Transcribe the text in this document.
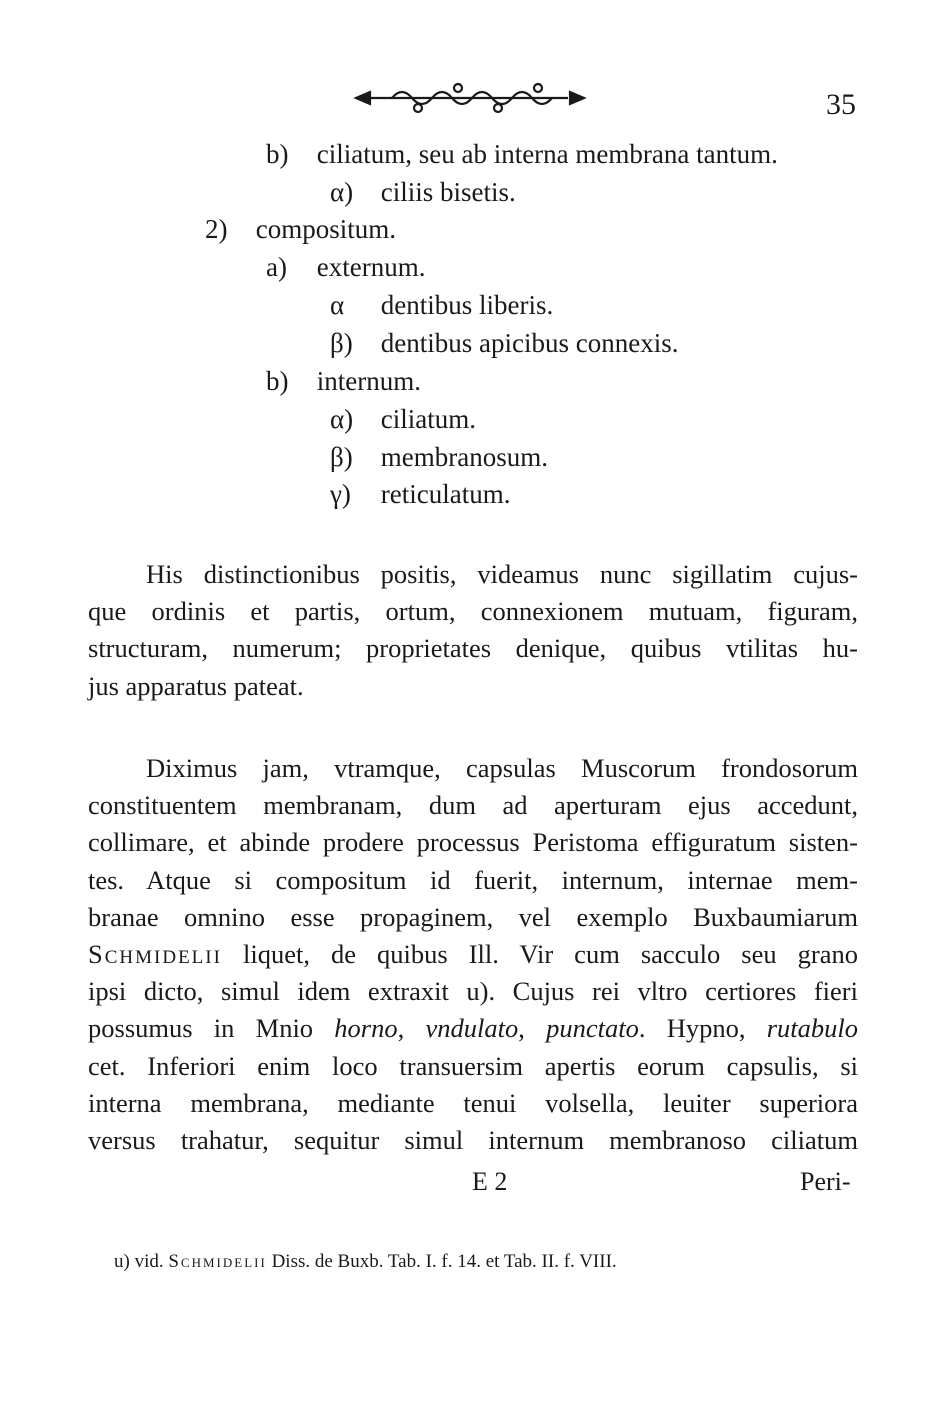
35
b) ciliatum, seu ab interna membrana tantum.
α) ciliis bisetis.
2) compositum.
a) externum.
α dentibus liberis.
β) dentibus apicibus connexis.
b) internum.
α) ciliatum.
β) membranosum.
γ) reticulatum.

His distinctionibus positis, videamus nunc sigillatim cujus-

que ordinis et partis, ortum, connexionem mutuam, figuram,

structuram, numerum; proprietates denique, quibus vtilitas hu-

jus apparatus pateat.

Diximus jam, vtramque, capsulas Muscorum frondosorum

constituentem membranam, dum ad aperturam ejus accedunt,

collimare, et abinde prodere processus Peristoma effiguratum sisten-

tes. Atque si compositum id fuerit, internum, internae mem-

branae omnino esse propaginem, vel exemplo Buxbaumiarum

Schmidelii liquet, de quibus Ill. Vir cum sacculo seu grano

ipsi dicto, simul idem extraxit u). Cujus rei vltro certiores fieri

possumus in Mnio horno, vndulato, punctato. Hypno, rutabulo

cet. Inferiori enim loco transuersim apertis eorum capsulis, si

interna membrana, mediante tenui volsella, leuiter superiora

versus trahatur, sequitur simul internum membranoso ciliatum

E 2	Peri-
u) vid. Schmidelii Diss. de Buxb. Tab. I. f. 14. et Tab. II. f. VIII.
